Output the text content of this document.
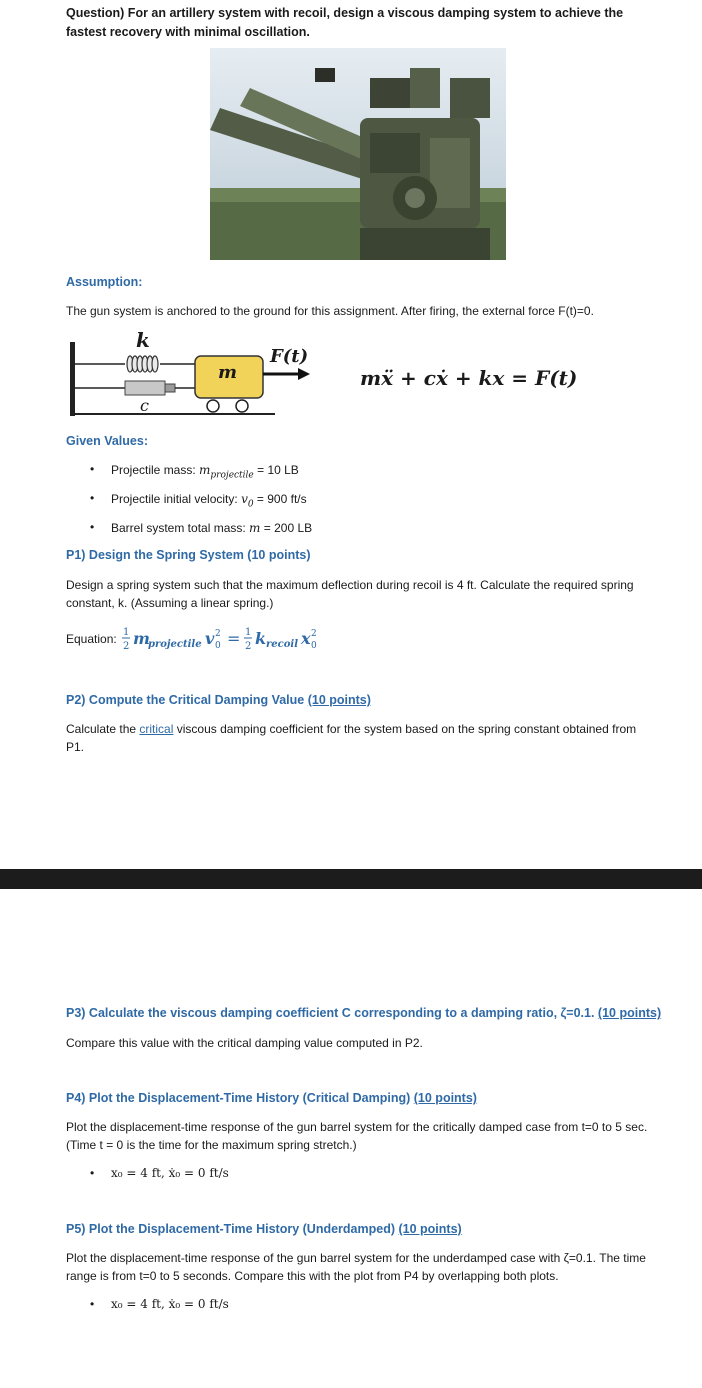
Question) For an artillery system with recoil, design a viscous damping system to achieve the fastest recovery with minimal oscillation.
Assumption:
The gun system is anchored to the ground for this assignment. After firing, the external force F(t)=0.
k
c
m
F(t)
mẍ + cẋ + kx = F(t)
Given Values:
• Projectile mass: $m_{projectile} = 10$ LB
• Projectile initial velocity: $v_0 = 900$ ft/s
• Barrel system total mass: m = 200 LB
P1) Design the Spring System (10 points)
Design a spring system such that the maximum deflection during recoil is 4 ft. Calculate the required spring constant, k. (Assuming a linear spring.)
$_{Equation:}$ 1
2 m
projectile v 2
0 = 1
2 k recoil x 2
0
P2) Compute the Critical Damping Value (10 points)
Calculate the critical viscous damping coefficient for the system based on the spring constant obtained from P1.
P3) Calculate the viscous damping coefficient C corresponding to a damping ratio, ζ=0.1. (10 points)
Compare this value with the critical damping value computed in P2.
P4) Plot the Displacement-Time History (Critical Damping) (10 points)
Plot the displacement-time response of the gun barrel system for the critically damped case from t=0 to 5 sec. (Time t = 0 is the time for the maximum spring stretch.)
• x₀ = 4 ft, ẋ₀ = 0 ft/s
P5) Plot the Displacement-Time History (Underdamped) (10 points)
Plot the displacement-time response of the gun barrel system for the underdamped case with ζ=0.1. The time range is from t=0 to 5 seconds. Compare this with the plot from P4 by overlapping both plots.
• x₀ = 4 ft, ẋ₀ = 0 ft/s
